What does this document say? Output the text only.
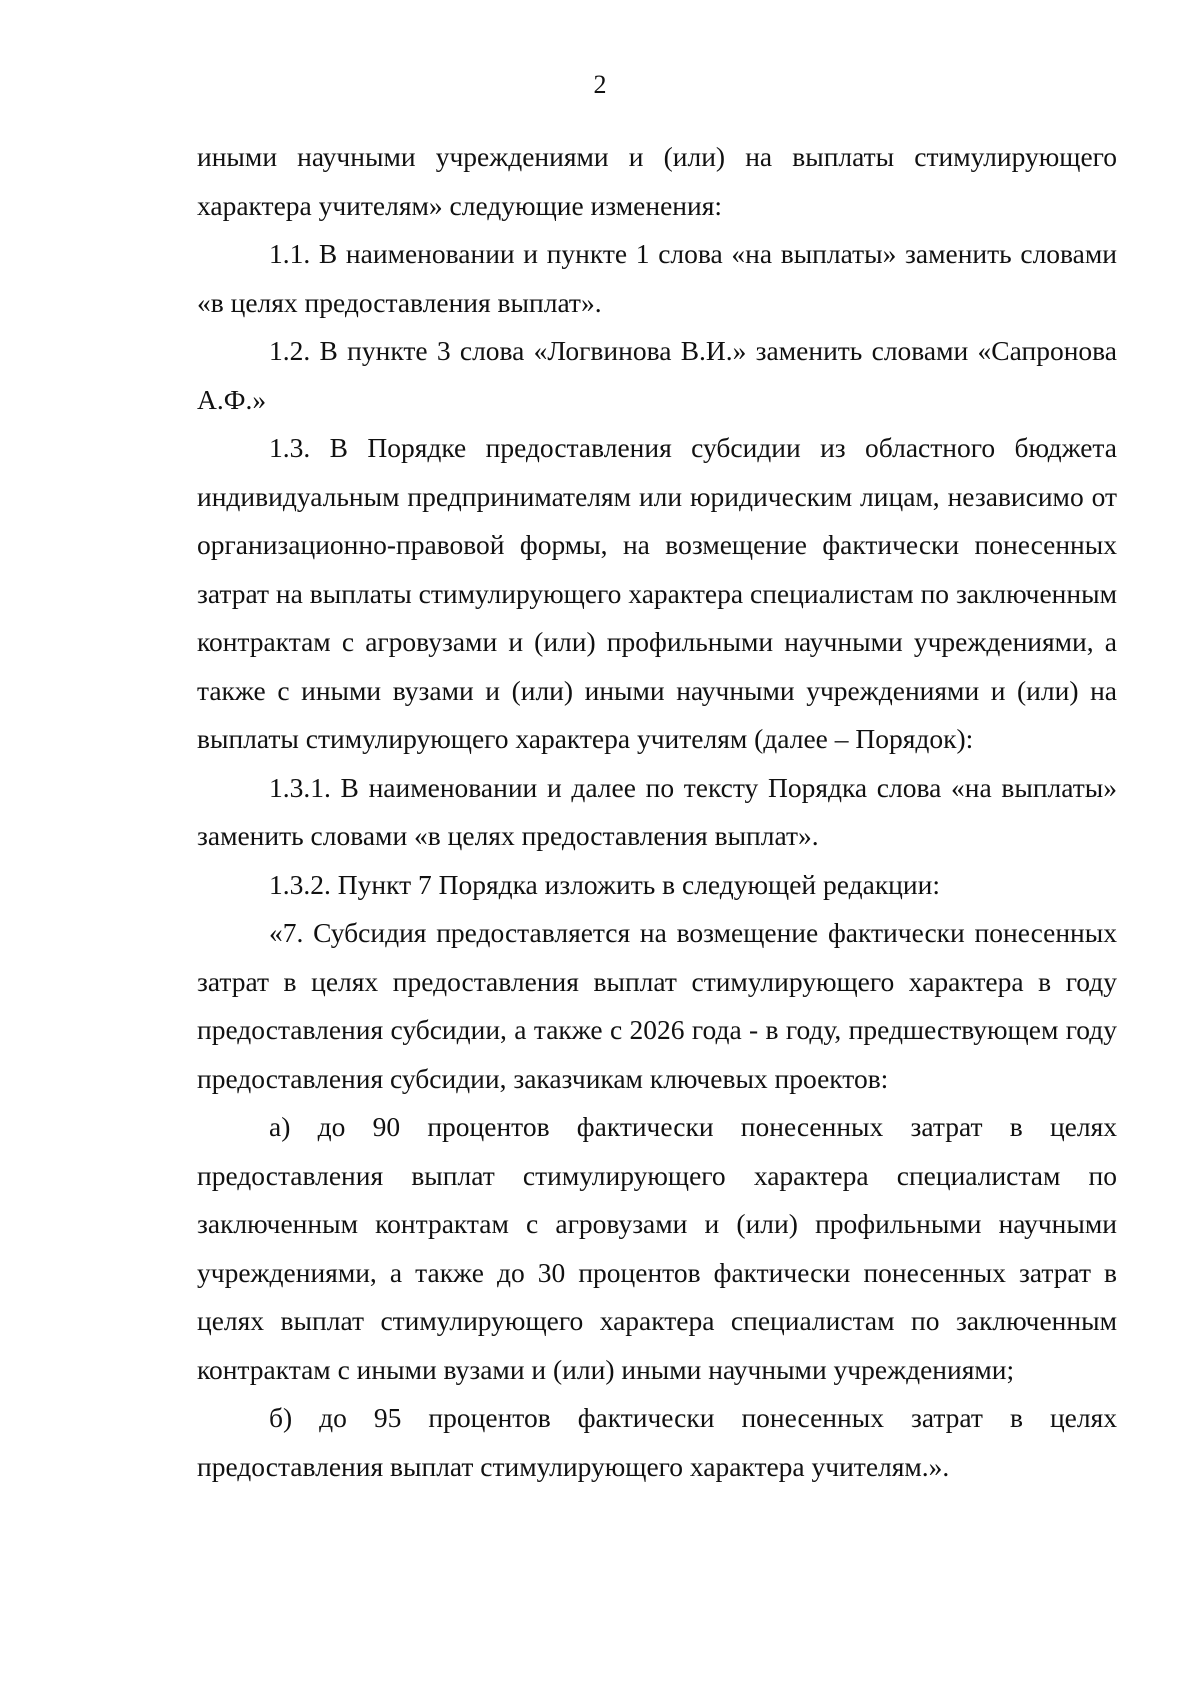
2

иными научными учреждениями и (или) на выплаты стимулирующего характера учителям» следующие изменения:

1.1. В наименовании и пункте 1 слова «на выплаты» заменить словами «в целях предоставления выплат».

1.2. В пункте 3 слова «Логвинова В.И.» заменить словами «Сапронова А.Ф.»

1.3. В Порядке предоставления субсидии из областного бюджета индивидуальным предпринимателям или юридическим лицам, независимо от организационно-правовой формы, на возмещение фактически понесенных затрат на выплаты стимулирующего характера специалистам по заключенным контрактам с агровузами и (или) профильными научными учреждениями, а также с иными вузами и (или) иными научными учреждениями и (или) на выплаты стимулирующего характера учителям (далее – Порядок):

1.3.1. В наименовании и далее по тексту Порядка слова «на выплаты» заменить словами «в целях предоставления выплат».

1.3.2. Пункт 7 Порядка изложить в следующей редакции:

«7. Субсидия предоставляется на возмещение фактически понесенных затрат в целях предоставления выплат стимулирующего характера в году предоставления субсидии, а также с 2026 года - в году, предшествующем году предоставления субсидии, заказчикам ключевых проектов:

а) до 90 процентов фактически понесенных затрат в целях предоставления выплат стимулирующего характера специалистам по заключенным контрактам с агровузами и (или) профильными научными учреждениями, а также до 30 процентов фактически понесенных затрат в целях выплат стимулирующего характера специалистам по заключенным контрактам с иными вузами и (или) иными научными учреждениями;

б) до 95 процентов фактически понесенных затрат в целях предоставления выплат стимулирующего характера учителям.».
